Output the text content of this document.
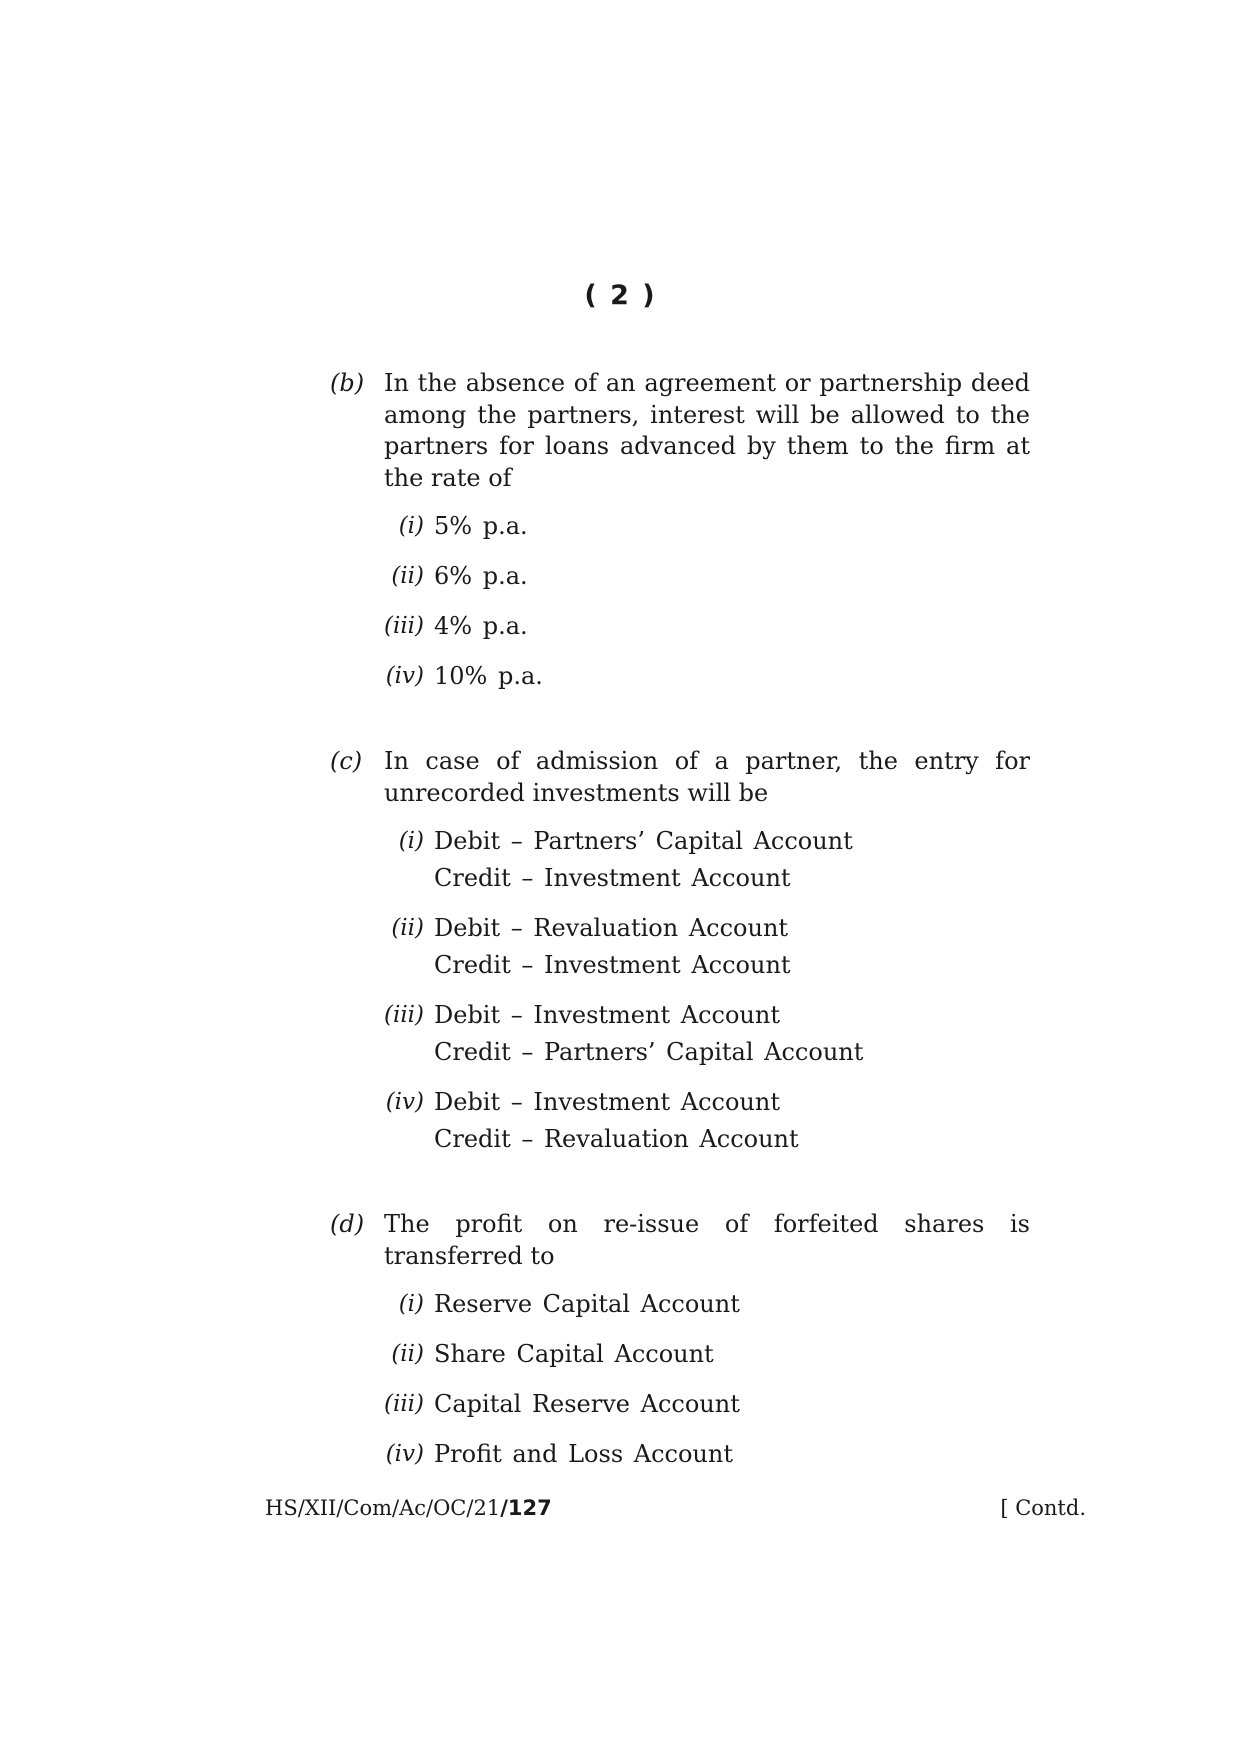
( 2 )
(b) In the absence of an agreement or partnership deed among the partners, interest will be allowed to the partners for loans advanced by them to the firm at the rate of
(i) 5% p.a.
(ii) 6% p.a.
(iii) 4% p.a.
(iv) 10% p.a.
(c) In case of admission of a partner, the entry for unrecorded investments will be
(i) Debit – Partners’ Capital Account
Credit – Investment Account
(ii) Debit – Revaluation Account
Credit – Investment Account
(iii) Debit – Investment Account
Credit – Partners’ Capital Account
(iv) Debit – Investment Account
Credit – Revaluation Account
(d) The profit on re-issue of forfeited shares is transferred to
(i) Reserve Capital Account
(ii) Share Capital Account
(iii) Capital Reserve Account
(iv) Profit and Loss Account
HS/XII/Com/Ac/OC/21/127	[ Contd.
